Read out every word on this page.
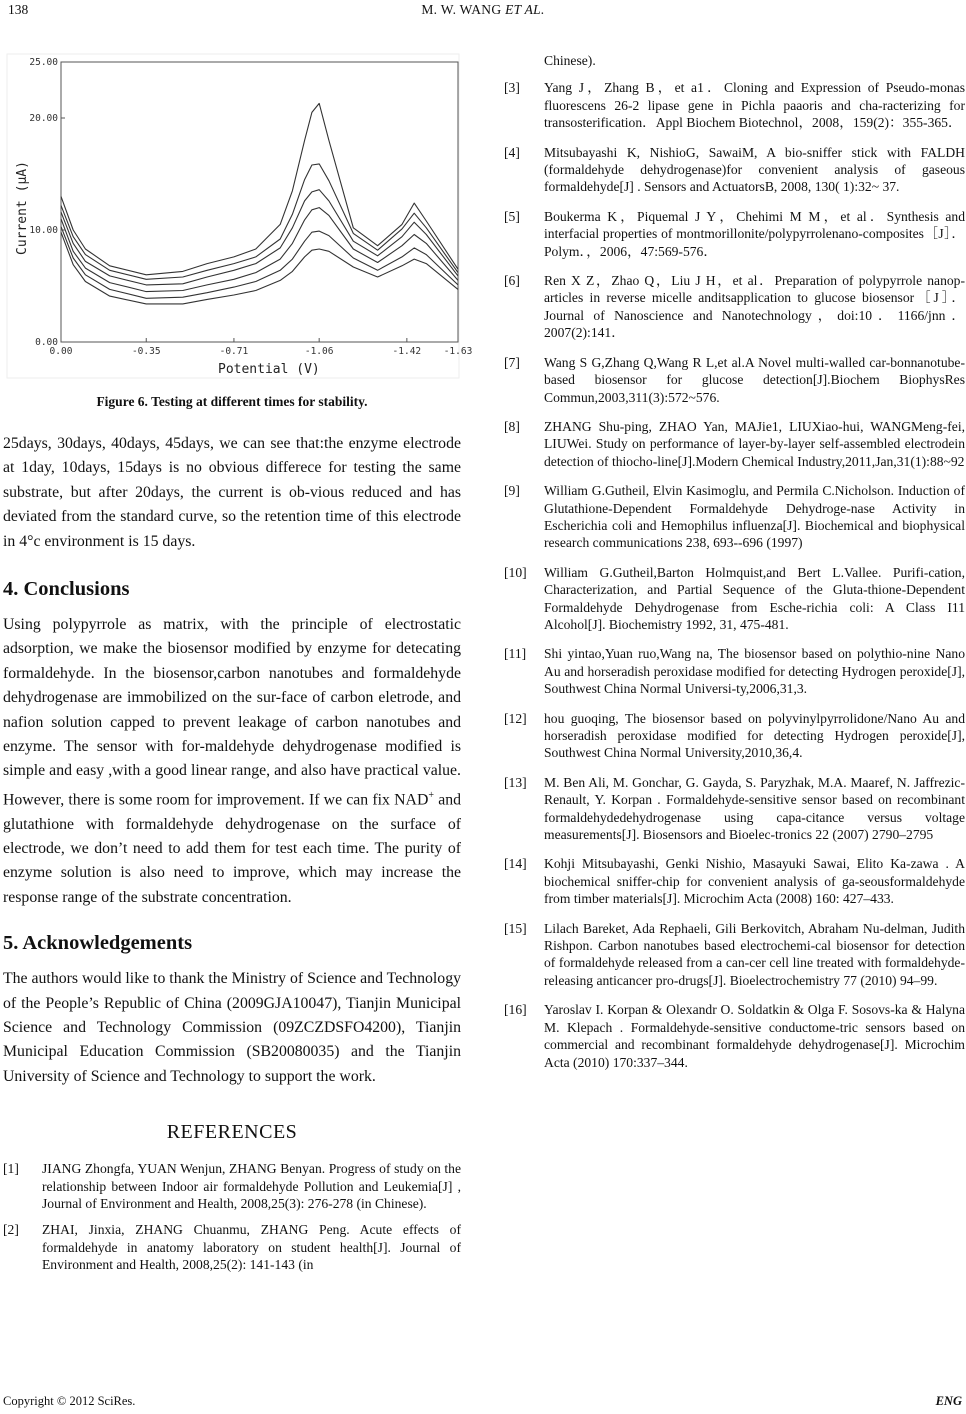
138	M. W. WANG ET AL.
0.00	-0.35	-0.71	-1.06	-1.42 -1.63
0.00
10.00
20.00
25.00
Current (μA)
Potential (V)
Figure 6. Testing at different times for stability.

25days, 30days, 40days, 45days, we can see that:the enzyme electrode at 1day, 10days, 15days is no obvious differece for testing the same substrate, but after 20days, the current is ob-vious reduced and has deviated from the standard curve, so the retention time of this electrode in 4°c environment is 15 days.

4. Conclusions

Using polypyrrole as matrix, with the principle of electrostatic adsorption, we make the biosensor modified by enzyme for detecating formaldehyde. In the biosensor,carbon nanotubes and formaldehyde dehydrogenase are immobilized on the sur-face of carbon eletrode, and nafion solution capped to prevent leakage of carbon nanotubes and enzyme. The sensor with for-maldehyde dehydrogenase modified is simple and easy ,with a good linear range, and also have practical value. However, there is some room for improvement. If we can fix NAD+ and glutathione with formaldehyde dehydrogenase on the surface of electrode, we don’t need to add them for test each time. The purity of enzyme solution is also need to improve, which may increase the response range of the substrate concentration.

5. Acknowledgements

The authors would like to thank the Ministry of Science and Technology of the People’s Republic of China (2009GJA10047), Tianjin Municipal Science and Technology Commission (09ZCZDSFO4200), Tianjin Municipal Education Commission (SB20080035) and the Tianjin University of Science and Technology to support the work.

REFERENCES
[1] JIANG Zhongfa, YUAN Wenjun, ZHANG Benyan. Progress of study on the relationship between Indoor air formaldehyde Pollution and Leukemia[J] , Journal of Environment and Health, 2008,25(3): 276-278 (in Chinese).
[2] ZHAI, Jinxia, ZHANG Chuanmu, ZHANG Peng. Acute effects of formaldehyde in anatomy laboratory on student health[J]. Journal of Environment and Health, 2008,25(2): 141-143 (in
Chinese).
[3] Yang J，Zhang B，et a1．Cloning and Expression of Pseudo-monas fluorescens 26-2 lipase gene in Pichla paaoris and cha-racterizing for transosterification．Appl Biochem Biotechnol，2008，159(2)：355-365．
[4] Mitsubayashi K, NishioG, SawaiM, A bio-sniffer stick with FALDH (formaldehyde dehydrogenase)for convenient analysis of gaseous formaldehyde[J] . Sensors and ActuatorsB, 2008, 130( 1):32~ 37.
[5] Boukerma K，Piquemal J Y，Chehimi M M，et al．Synthesis and interfacial properties of montmorillonite/polypyrrolenano-composites［J］．Polym．，2006，47:569-576．
[6] Ren X Z，Zhao Q，Liu J H，et al．Preparation of polypyrrole nanop-articles in reverse micelle anditsapplication to glucose biosensor［J］．Journal of Nanoscience and Nanotechnology，doi:10．1166/jnn．2007(2):141．
[7] Wang S G,Zhang Q,Wang R L,et al.A Novel multi-walled car-bonnanotube-based biosensor for glucose detection[J].Biochem BiophysRes Commun,2003,311(3):572~576.
[8] ZHANG Shu-ping, ZHAO Yan, MAJie1, LIUXiao-hui, WANGMeng-fei, LIUWei. Study on performance of layer-by-layer self-assembled electrodein detection of thiocho-line[J].Modern Chemical Industry,2011,Jan,31(1):88~92
[9] William G.Gutheil, Elvin Kasimoglu, and Permila C.Nicholson. Induction of Glutathione-Dependent Formaldehyde Dehydroge-nase Activity in Escherichia coli and Hemophilus influenza[J]. Biochemical and biophysical research communications 238, 693--696 (1997)
[10] William G.Gutheil,Barton Holmquist,and Bert L.Vallee. Purifi-cation, Characterization, and Partial Sequence of the Gluta-thione-Dependent Formaldehyde Dehydrogenase from Esche-richia coli: A Class I11 Alcohol[J]. Biochemistry 1992, 31, 475-481.
[11] Shi yintao,Yuan ruo,Wang na, The biosensor based on polythio-nine Nano Au and horseradish peroxidase modified for detecting Hydrogen peroxide[J], Southwest China Normal Universi-ty,2006,31,3.
[12] hou guoqing, The biosensor based on polyvinylpyrrolidone/Nano Au and horseradish peroxidase modified for detecting Hydrogen peroxide[J], Southwest China Normal University,2010,36,4.
[13] M. Ben Ali, M. Gonchar, G. Gayda, S. Paryzhak, M.A. Maaref, N. Jaffrezic-Renault, Y. Korpan . Formaldehyde-sensitive sensor based on recombinant formaldehydedehydrogenase using capa-citance versus voltage measurements[J]. Biosensors and Bioelec-tronics 22 (2007) 2790–2795
[14] Kohji Mitsubayashi, Genki Nishio, Masayuki Sawai, Elito Ka-zawa . A biochemical sniffer-chip for convenient analysis of ga-seousformaldehyde from timber materials[J]. Microchim Acta (2008) 160: 427–433.
[15] Lilach Bareket, Ada Rephaeli, Gili Berkovitch, Abraham Nu-delman, Judith Rishpon. Carbon nanotubes based electrochemi-cal biosensor for detection of formaldehyde released from a can-cer cell line treated with formaldehyde-releasing anticancer pro-drugs[J]. Bioelectrochemistry 77 (2010) 94–99.
[16] Yaroslav I. Korpan & Olexandr O. Soldatkin & Olga F. Sosovs-ka & Halyna M. Klepach . Formaldehyde-sensitive conductome-tric sensors based on commercial and recombinant formaldehyde dehydrogenase[J]. Microchim Acta (2010) 170:337–344.
Copyright © 2012 SciRes.	ENG
